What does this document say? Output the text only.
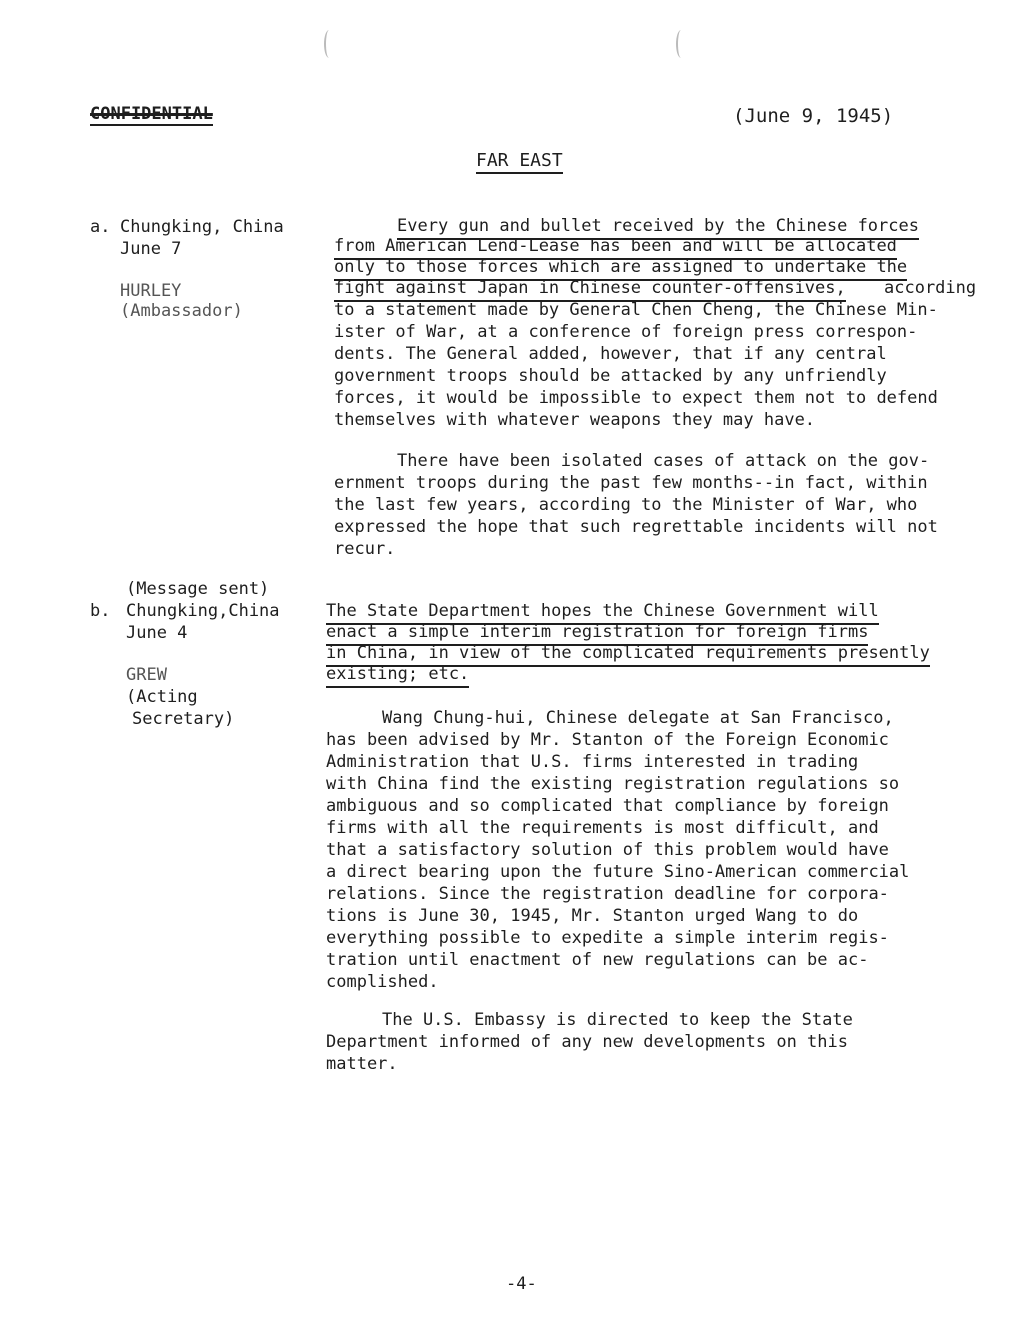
CONFIDENTIAL	(June 9, 1945)
FAR EAST
a. Chungking, China
June 7
HURLEY
(Ambassador)
Every gun and bullet received by the Chinese forces
from American Lend-Lease has been and will be allocated
only to those forces which are assigned to undertake the
fight against Japan in Chinese counter-offensives, according
to a statement made by General Chen Cheng, the Chinese Min-
ister of War, at a conference of foreign press correspon-
dents. The General added, however, that if any central
government troops should be attacked by any unfriendly
forces, it would be impossible to expect them not to defend
themselves with whatever weapons they may have.
There have been isolated cases of attack on the gov-
ernment troops during the past few months--in fact, within
the last few years, according to the Minister of War, who
expressed the hope that such regrettable incidents will not
recur.
(Message sent)
b. Chungking,China
June 4
GREW
(Acting
Secretary)
The State Department hopes the Chinese Government will
enact a simple interim registration for foreign firms
in China, in view of the complicated requirements presently
existing; etc.
Wang Chung-hui, Chinese delegate at San Francisco,
has been advised by Mr. Stanton of the Foreign Economic
Administration that U.S. firms interested in trading
with China find the existing registration regulations so
ambiguous and so complicated that compliance by foreign
firms with all the requirements is most difficult, and
that a satisfactory solution of this problem would have
a direct bearing upon the future Sino-American commercial
relations. Since the registration deadline for corpora-
tions is June 30, 1945, Mr. Stanton urged Wang to do
everything possible to expedite a simple interim regis-
tration until enactment of new regulations can be ac-
complished.
The U.S. Embassy is directed to keep the State
Department informed of any new developments on this
matter.
-4-
